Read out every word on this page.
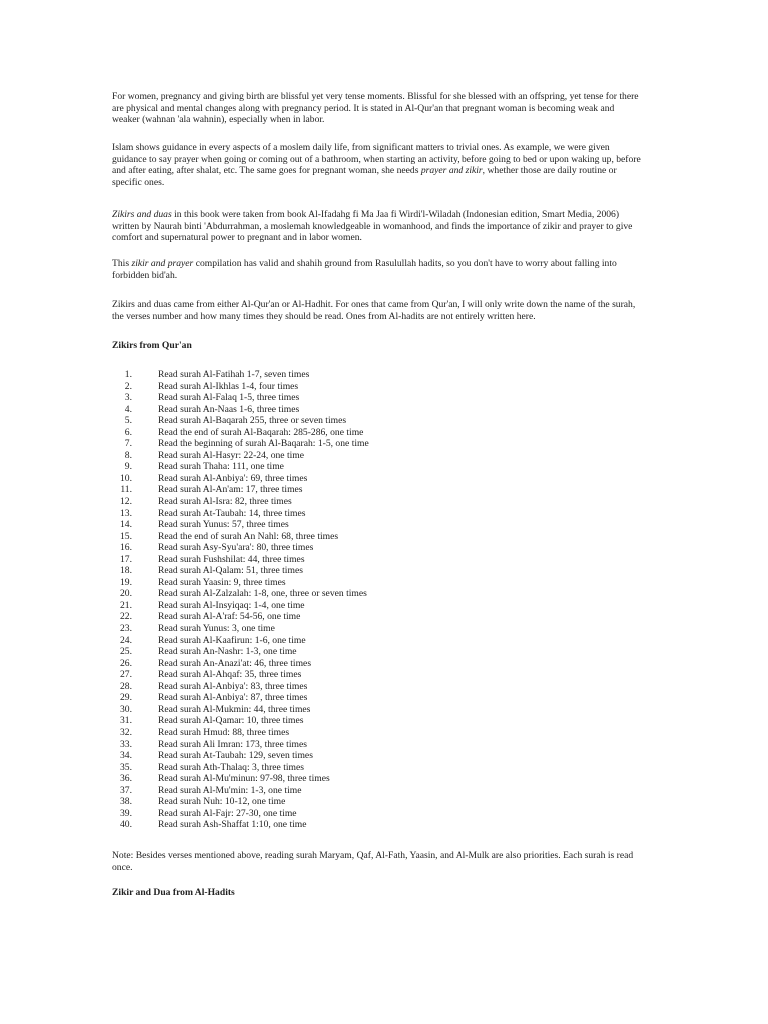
For women, pregnancy and giving birth are blissful yet very tense moments. Blissful for she blessed with an offspring, yet tense for there are physical and mental changes along with pregnancy period. It is stated in Al-Qur'an that pregnant woman is becoming weak and weaker (wahnan 'ala wahnin), especially when in labor.

Islam shows guidance in every aspects of a moslem daily life, from significant matters to trivial ones. As example, we were given guidance to say prayer when going or coming out of a bathroom, when starting an activity, before going to bed or upon waking up, before and after eating, after shalat, etc. The same goes for pregnant woman, she needs prayer and zikir, whether those are daily routine or specific ones.

Zikirs and duas in this book were taken from book Al-Ifadahg fi Ma Jaa fi Wirdi'l-Wiladah (Indonesian edition, Smart Media, 2006) written by Naurah binti 'Abdurrahman, a moslemah knowledgeable in womanhood, and finds the importance of zikir and prayer to give comfort and supernatural power to pregnant and in labor women.

This zikir and prayer compilation has valid and shahih ground from Rasulullah hadits, so you don't have to worry about falling into forbidden bid'ah.

Zikirs and duas came from either Al-Qur'an or Al-Hadhit. For ones that came from Qur'an, I will only write down the name of the surah, the verses number and how many times they should be read. Ones from Al-hadits are not entirely written here.

Zikirs from Qur'an

1.	Read surah Al-Fatihah 1-7, seven times
2.	Read surah Al-Ikhlas 1-4, four times
3.	Read surah Al-Falaq 1-5, three times
4.	Read surah An-Naas 1-6, three times
5.	Read surah Al-Baqarah 255, three or seven times
6.	Read the end of surah Al-Baqarah: 285-286, one time
7.	Read the beginning of surah Al-Baqarah: 1-5, one time
8.	Read surah Al-Hasyr: 22-24, one time
9.	Read surah Thaha: 111, one time
10.	Read surah Al-Anbiya': 69, three times
11.	Read surah Al-An'am: 17, three times
12.	Read surah Al-Isra: 82, three times
13.	Read surah At-Taubah: 14, three times
14.	Read surah Yunus: 57, three times
15.	Read the end of surah An Nahl: 68, three times
16.	Read surah Asy-Syu'ara': 80, three times
17.	Read surah Fushshilat: 44, three times
18.	Read surah Al-Qalam: 51, three times
19.	Read surah Yaasin: 9, three times
20.	Read surah Al-Zalzalah: 1-8, one, three or seven times
21.	Read surah Al-Insyiqaq: 1-4, one time
22.	Read surah Al-A'raf: 54-56, one time
23.	Read surah Yunus: 3, one time
24.	Read surah Al-Kaafirun: 1-6, one time
25.	Read surah An-Nashr: 1-3, one time
26.	Read surah An-Anazi'at: 46, three times
27.	Read surah Al-Ahqaf: 35, three times
28.	Read surah Al-Anbiya': 83, three times
29.	Read surah Al-Anbiya': 87, three times
30.	Read surah Al-Mukmin: 44, three times
31.	Read surah Al-Qamar: 10, three times
32.	Read surah Hmud: 88, three times
33.	Read surah Ali Imran: 173, three times
34.	Read surah At-Taubah: 129, seven times
35.	Read surah Ath-Thalaq: 3, three times
36.	Read surah Al-Mu'minun: 97-98, three times
37.	Read surah Al-Mu'min: 1-3, one time
38.	Read surah Nuh: 10-12, one time
39.	Read surah Al-Fajr: 27-30, one time
40.	Read surah Ash-Shaffat 1:10, one time

Note: Besides verses mentioned above, reading surah Maryam, Qaf, Al-Fath, Yaasin, and Al-Mulk are also priorities. Each surah is read once.

Zikir and Dua from Al-Hadits
